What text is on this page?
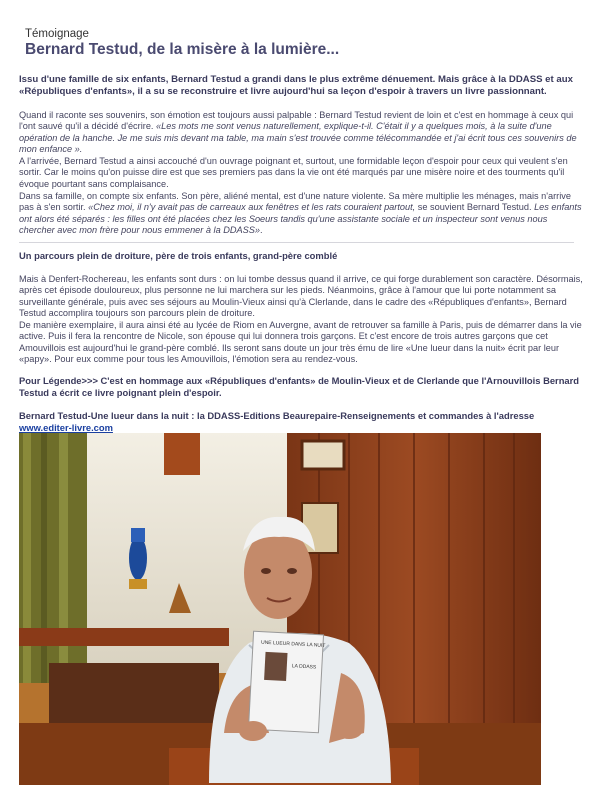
Témoignage
Bernard Testud, de la misère à la lumière...

Issu d'une famille de six enfants, Bernard Testud a grandi dans le plus extrême dénuement. Mais grâce à la DDASS et aux «Républiques d'enfants», il a su se reconstruire et livre aujourd'hui sa leçon d'espoir à travers un livre passionnant.

Quand il raconte ses souvenirs, son émotion est toujours aussi palpable : Bernard Testud revient de loin et c'est en hommage à ceux qui l'ont sauvé qu'il a décidé d'écrire. «Les mots me sont venus naturellement, explique-t-il. C'était il y a quelques mois, à la suite d'une opération de la hanche. Je me suis mis devant ma table, ma main s'est trouvée comme télécommandée et j'ai écrit tous ces souvenirs de mon enfance ».

A l'arrivée, Bernard Testud a ainsi accouché d'un ouvrage poignant et, surtout, une formidable leçon d'espoir pour ceux qui veulent s'en sortir. Car le moins qu'on puisse dire est que ses premiers pas dans la vie ont été marqués par une misère noire et des tourments qu'il évoque pourtant sans complaisance.

Dans sa famille, on compte six enfants. Son père, aliéné mental, est d'une nature violente. Sa mère multiplie les ménages, mais n'arrive pas à s'en sortir. «Chez moi, il n'y avait pas de carreaux aux fenêtres et les rats couraient partout, se souvient Bernard Testud. Les enfants ont alors été séparés : les filles ont été placées chez les Soeurs tandis qu'une assistante sociale et un inspecteur sont venus nous chercher avec mon frère pour nous emmener à la DDASS».

Un parcours plein de droiture, père de trois enfants, grand-père comblé

Mais à Denfert-Rochereau, les enfants sont durs : on lui tombe dessus quand il arrive, ce qui forge durablement son caractère. Désormais, après cet épisode douloureux, plus personne ne lui marchera sur les pieds. Néanmoins, grâce à l'amour que lui porte notamment sa surveillante générale, puis avec ses séjours au Moulin-Vieux ainsi qu'à Clerlande, dans le cadre des «Républiques d'enfants», Bernard Testud accomplira toujours son parcours plein de droiture.

De manière exemplaire, il aura ainsi été au lycée de Riom en Auvergne, avant de retrouver sa famille à Paris, puis de démarrer dans la vie active. Puis il fera la rencontre de Nicole, son épouse qui lui donnera trois garçons. Et c'est encore de trois autres garçons que cet Amouvillois est aujourd'hui le grand-père comblé. Ils seront sans doute un jour très ému de lire «Une lueur dans la nuit» écrit par leur «papy». Pour eux comme pour tous les Amouvillois, l'émotion sera au rendez-vous.

Pour Légende>>> C'est en hommage aux «Républiques d'enfants» de Moulin-Vieux et de Clerlande que l'Arnouvillois Bernard Testud a écrit ce livre poignant plein d'espoir.

Bernard Testud-Une lueur dans la nuit : la DDASS-Editions Beaurepaire-Renseignements et commandes à l'adresse
www.editer-livre.com

UNE LUEUR DANS LA NUIT
LA DDASS
